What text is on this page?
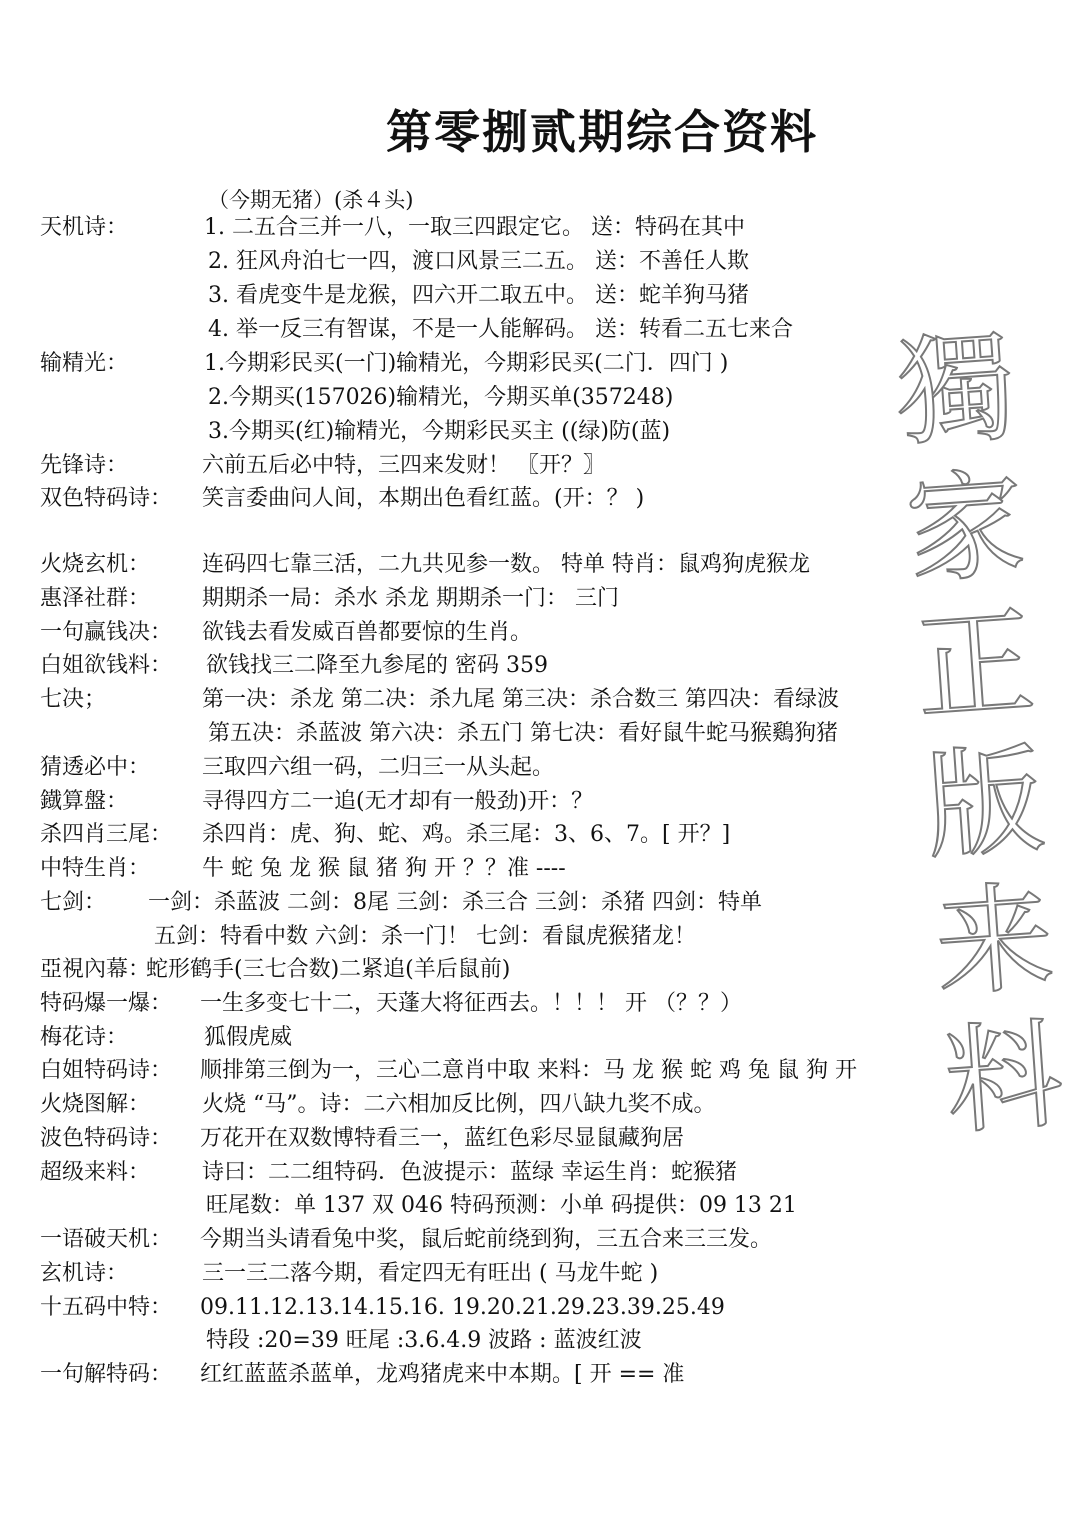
第零捌贰期综合资料
（今期无猪）(杀４头)
天机诗：	1. 二五合三并一八，一取三四跟定它。 送：特码在其中
2. 狂风舟泊七一四，渡口风景三二五。 送：不善任人欺
3. 看虎变牛是龙猴，四六开二取五中。 送：蛇羊狗马猪
4. 举一反三有智谋，不是一人能解码。 送：转看二五七来合
输精光：	1.今期彩民买(一门)输精光，今期彩民买(二门．四门 )
2.今期买(157026)输精光，今期买单(357248)
3.今期买(红)输精光，今期彩民买主 ((绿)防(蓝)
先锋诗：	六前五后必中特，三四来发财！ 〖开？〗
双色特码诗： 笑言委曲问人间，本期出色看红蓝。(开：？ )
火烧玄机： 连码四七靠三活，二九共见参一数。 特单 特肖：鼠鸡狗虎猴龙
惠泽社群： 期期杀一局：杀水 杀龙 期期杀一门： 三门
一句赢钱决： 欲钱去看发威百兽都要惊的生肖。
白姐欲钱料： 欲钱找三二降至九参尾的 密码 359
七决；	第一决：杀龙 第二决：杀九尾 第三决：杀合数三 第四决：看绿波
第五决：杀蓝波 第六决：杀五门 第七决：看好鼠牛蛇马猴鷄狗猪
猜透必中： 三取四六组一码，二归三一从头起。
鐡算盤：	寻得四方二一追(无才却有一般劲)开：？
杀四肖三尾： 杀四肖：虎、狗、蛇、鸡。杀三尾：3、6、7。[ 开？]
中特生肖： 牛 蛇 兔 龙 猴 鼠 猪 狗 开 ？？准 ----
七剑： 一剑：杀蓝波 二剑：8尾 三剑：杀三合 三剑：杀猪 四剑：特单
五剑：特看中数 六剑：杀一门！ 七剑：看鼠虎猴猪龙！
亞視內幕：
蛇形鹤手(三七合数)二紧追(羊后鼠前)
特码爆一爆： 一生多变七十二，天蓬大将征西去。！！！ 开 （？？）
梅花诗：	狐假虎威
白姐特码诗： 顺排第三倒为一，三心二意肖中取 来料：马 龙 猴 蛇 鸡 兔 鼠 狗 开
火烧图解： 火烧 “马”。诗：二六相加反比例，四八缺九奖不成。
波色特码诗： 万花开在双数博特看三一，蓝红色彩尽显鼠藏狗居
超级来料： 诗曰：二二组特码．色波提示：蓝绿 幸运生肖：蛇猴猪
旺尾数：单 137 双 046 特码预测：小单 码提供：09 13 21
一语破天机： 今期当头请看兔中奖，鼠后蛇前绕到狗，三五合来三三发。
玄机诗：	三一三二落今期，看定四无有旺出 ( 马龙牛蛇 )
十五码中特： 09.11.12.13.14.15.16. 19.20.21.29.23.39.25.49
特段 :20=39 旺尾 :3.6.4.9 波路 : 蓝波红波
一句解特码： 红红蓝蓝杀蓝单，龙鸡猪虎来中本期。[ 开 == 准
獨
家
正
版
来
料
